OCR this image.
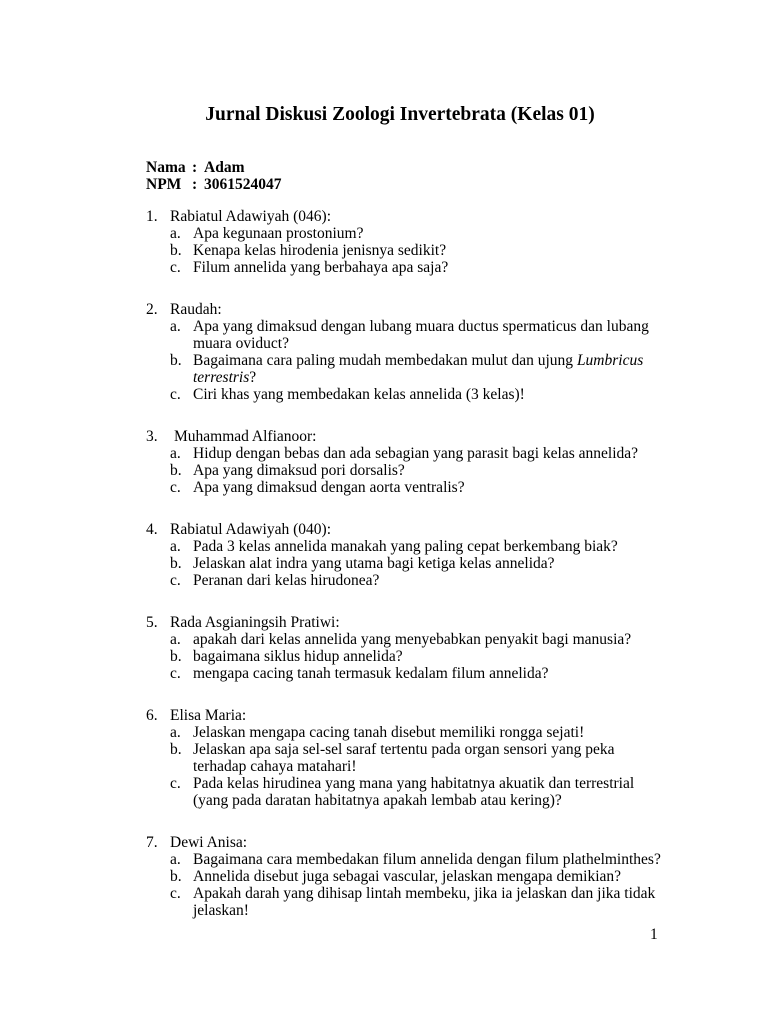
Jurnal Diskusi Zoologi Invertebrata (Kelas 01)
Nama : Adam
NPM : 3061524047
1. Rabiatul Adawiyah (046):
a. Apa kegunaan prostonium?
b. Kenapa kelas hirodenia jenisnya sedikit?
c. Filum annelida yang berbahaya apa saja?
2. Raudah:
a. Apa yang dimaksud dengan lubang muara ductus spermaticus dan lubang muara oviduct?
b. Bagaimana cara paling mudah membedakan mulut dan ujung Lumbricus terrestris?
c. Ciri khas yang membedakan kelas annelida (3 kelas)!
3.	Muhammad Alfianoor:
a. Hidup dengan bebas dan ada sebagian yang parasit bagi kelas annelida?
b. Apa yang dimaksud pori dorsalis?
c. Apa yang dimaksud dengan aorta ventralis?
4. Rabiatul Adawiyah (040):
a. Pada 3 kelas annelida manakah yang paling cepat berkembang biak?
b. Jelaskan alat indra yang utama bagi ketiga kelas annelida?
c. Peranan dari kelas hirudonea?
5. Rada Asgianingsih Pratiwi:
a. apakah dari kelas annelida yang menyebabkan penyakit bagi manusia?
b. bagaimana siklus hidup annelida?
c. mengapa cacing tanah termasuk kedalam filum annelida?
6. Elisa Maria:
a. Jelaskan mengapa cacing tanah disebut memiliki rongga sejati!
b. Jelaskan apa saja sel-sel saraf tertentu pada organ sensori yang peka terhadap cahaya matahari!
c. Pada kelas hirudinea yang mana yang habitatnya akuatik dan terrestrial (yang pada daratan habitatnya apakah lembab atau kering)?
7. Dewi Anisa:
a. Bagaimana cara membedakan filum annelida dengan filum plathelminthes?
b. Annelida disebut juga sebagai vascular, jelaskan mengapa demikian?
c. Apakah darah yang dihisap lintah membeku, jika ia jelaskan dan jika tidak jelaskan!
1
